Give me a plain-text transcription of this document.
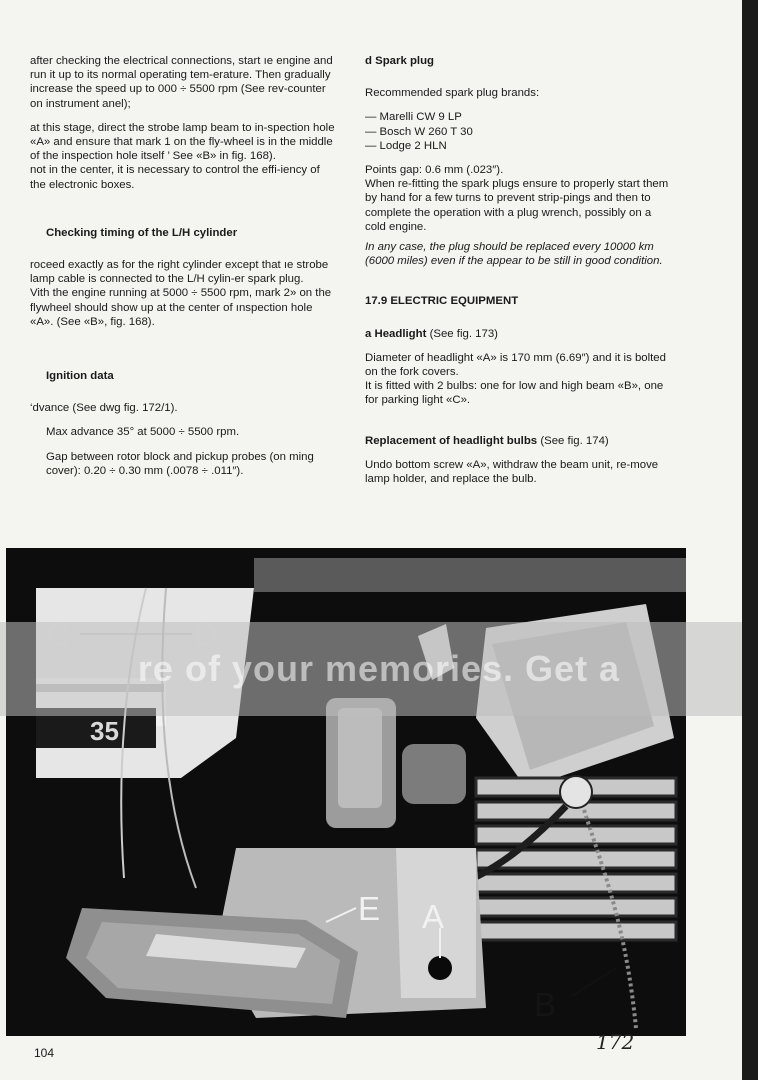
after checking the electrical connections, start ıe engine and run it up to its normal operating tem-erature. Then gradually increase the speed up to 000 ÷ 5500 rpm (See rev-counter on instrument anel);

at this stage, direct the strobe lamp beam to in-spection hole «A» and ensure that mark 1 on the fly-wheel is in the middle of the inspection hole itself ’ See «B» in fig. 168).

not in the center, it is necessary to control the effi-iency of the electronic boxes.

Checking timing of the L/H cylinder

roceed exactly as for the right cylinder except that ıe strobe lamp cable is connected to the L/H cylin-er spark plug.

Vith the engine running at 5000 ÷ 5500 rpm, mark 2» on the flywheel should show up at the center of ınspection hole «A». (See «B», fig. 168).

Ignition data

‘dvance (See dwg fig. 172/1).

Max advance 35° at 5000 ÷ 5500 rpm.

Gap between rotor block and pickup probes (on ming cover): 0.20 ÷ 0.30 mm (.0078 ÷ .011″).

d Spark plug

Recommended spark plug brands:

— Marelli CW 9 LP

— Bosch W 260 T 30

— Lodge 2 HLN

Points gap: 0.6 mm (.023″).

When re-fitting the spark plugs ensure to properly start them by hand for a few turns to prevent strip-pings and then to complete the operation with a plug wrench, possibly on a cold engine.

In any case, the plug should be replaced every 10000 km (6000 miles) even if the appear to be still in good condition.

17.9 ELECTRIC EQUIPMENT

a Headlight (See fig. 173)

Diameter of headlight «A» is 170 mm (6.69″) and it is bolted on the fork covers.

It is fitted with 2 bulbs: one for low and high beam «B», one for parking light «C».

Replacement of headlight bulbs (See fig. 174)

Undo bottom screw «A», withdraw the beam unit, re-move lamp holder, and replace the bulb.

35
E A
B
re of your memories. Get a
104	172
